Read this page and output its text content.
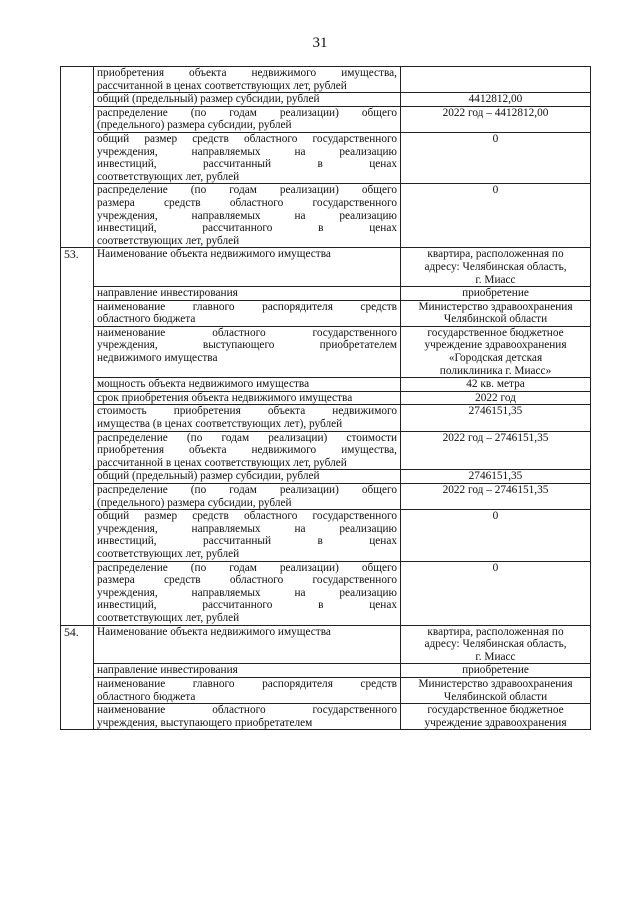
31

	приобретения объекта недвижимого имущества,
рассчитанной в ценах соответствующих лет, рублей	

	общий (предельный) размер субсидии, рублей	4412812,00

	распределение (по годам реализации) общего
(предельного) размера субсидии, рублей	2022 год – 4412812,00

	общий размер средств областного государственного
учреждения, направляемых на реализацию
инвестиций, рассчитанный в ценах
соответствующих лет, рублей	0

	распределение (по годам реализации) общего
размера средств областного государственного
учреждения, направляемых на реализацию
инвестиций, рассчитанного в ценах
соответствующих лет, рублей	0

53.	Наименование объекта недвижимого имущества	квартира, расположенная по
адресу: Челябинская область,
г. Миасс

	направление инвестирования	приобретение

	наименование главного распорядителя средств
областного бюджета	Министерство здравоохранения
Челябинской области

	наименование областного государственного
учреждения, выступающего приобретателем
недвижимого имущества	государственное бюджетное
учреждение здравоохранения
«Городская детская
поликлиника г. Миасс»

	мощность объекта недвижимого имущества	42 кв. метра

	срок приобретения объекта недвижимого имущества	2022 год

	стоимость приобретения объекта недвижимого
имущества (в ценах соответствующих лет), рублей	2746151,35

	распределение (по годам реализации) стоимости
приобретения объекта недвижимого имущества,
рассчитанной в ценах соответствующих лет, рублей	2022 год – 2746151,35

	общий (предельный) размер субсидии, рублей	2746151,35

	распределение (по годам реализации) общего
(предельного) размера субсидии, рублей	2022 год – 2746151,35

	общий размер средств областного государственного
учреждения, направляемых на реализацию
инвестиций, рассчитанный в ценах
соответствующих лет, рублей	0

	распределение (по годам реализации) общего
размера средств областного государственного
учреждения, направляемых на реализацию
инвестиций, рассчитанного в ценах
соответствующих лет, рублей	0

54.	Наименование объекта недвижимого имущества	квартира, расположенная по
адресу: Челябинская область,
г. Миасс

	направление инвестирования	приобретение

	наименование главного распорядителя средств
областного бюджета	Министерство здравоохранения
Челябинской области

	наименование областного государственного
учреждения, выступающего приобретателем	государственное бюджетное
учреждение здравоохранения
